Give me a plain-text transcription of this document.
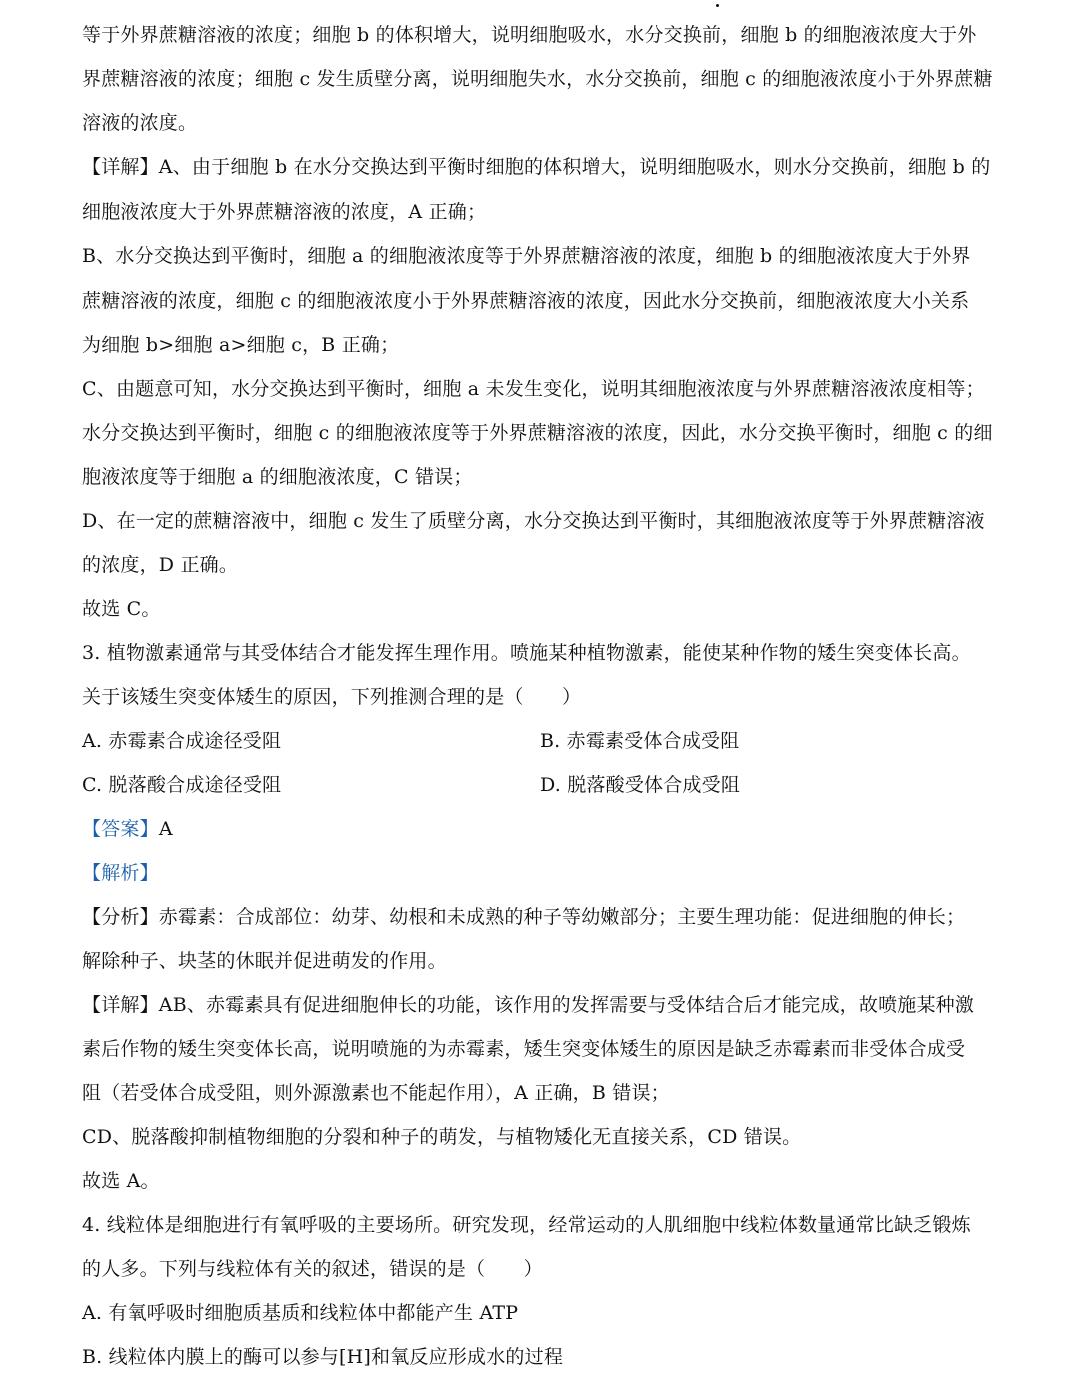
等于外界蔗糖溶液的浓度；细胞 b 的体积增大，说明细胞吸水，水分交换前，细胞 b 的细胞液浓度大于外
界蔗糖溶液的浓度；细胞 c 发生质壁分离，说明细胞失水，水分交换前，细胞 c 的细胞液浓度小于外界蔗糖
溶液的浓度。
【详解】A、由于细胞 b 在水分交换达到平衡时细胞的体积增大，说明细胞吸水，则水分交换前，细胞 b 的
细胞液浓度大于外界蔗糖溶液的浓度，A 正确；
B、水分交换达到平衡时，细胞 a 的细胞液浓度等于外界蔗糖溶液的浓度，细胞 b 的细胞液浓度大于外界
蔗糖溶液的浓度，细胞 c 的细胞液浓度小于外界蔗糖溶液的浓度，因此水分交换前，细胞液浓度大小关系
为细胞 b>细胞 a>细胞 c，B 正确；
C、由题意可知，水分交换达到平衡时，细胞 a 未发生变化，说明其细胞液浓度与外界蔗糖溶液浓度相等；
水分交换达到平衡时，细胞 c 的细胞液浓度等于外界蔗糖溶液的浓度，因此，水分交换平衡时，细胞 c 的细
胞液浓度等于细胞 a 的细胞液浓度，C 错误；
D、在一定的蔗糖溶液中，细胞 c 发生了质壁分离，水分交换达到平衡时，其细胞液浓度等于外界蔗糖溶液
的浓度，D 正确。
故选 C。
3. 植物激素通常与其受体结合才能发挥生理作用。喷施某种植物激素，能使某种作物的矮生突变体长高。
关于该矮生突变体矮生的原因，下列推测合理的是（　　）
A. 赤霉素合成途径受阻	B. 赤霉素受体合成受阻
C. 脱落酸合成途径受阻	D. 脱落酸受体合成受阻
【答案】A
【解析】
【分析】赤霉素：合成部位：幼芽、幼根和未成熟的种子等幼嫩部分；主要生理功能：促进细胞的伸长；
解除种子、块茎的休眠并促进萌发的作用。
【详解】AB、赤霉素具有促进细胞伸长的功能，该作用的发挥需要与受体结合后才能完成，故喷施某种激
素后作物的矮生突变体长高，说明喷施的为赤霉素，矮生突变体矮生的原因是缺乏赤霉素而非受体合成受
阻（若受体合成受阻，则外源激素也不能起作用），A 正确，B 错误；
CD、脱落酸抑制植物细胞的分裂和种子的萌发，与植物矮化无直接关系，CD 错误。
故选 A。
4. 线粒体是细胞进行有氧呼吸的主要场所。研究发现，经常运动的人肌细胞中线粒体数量通常比缺乏锻炼
的人多。下列与线粒体有关的叙述，错误的是（　　）
A. 有氧呼吸时细胞质基质和线粒体中都能产生 ATP
B. 线粒体内膜上的酶可以参与[H]和氧反应形成水的过程
